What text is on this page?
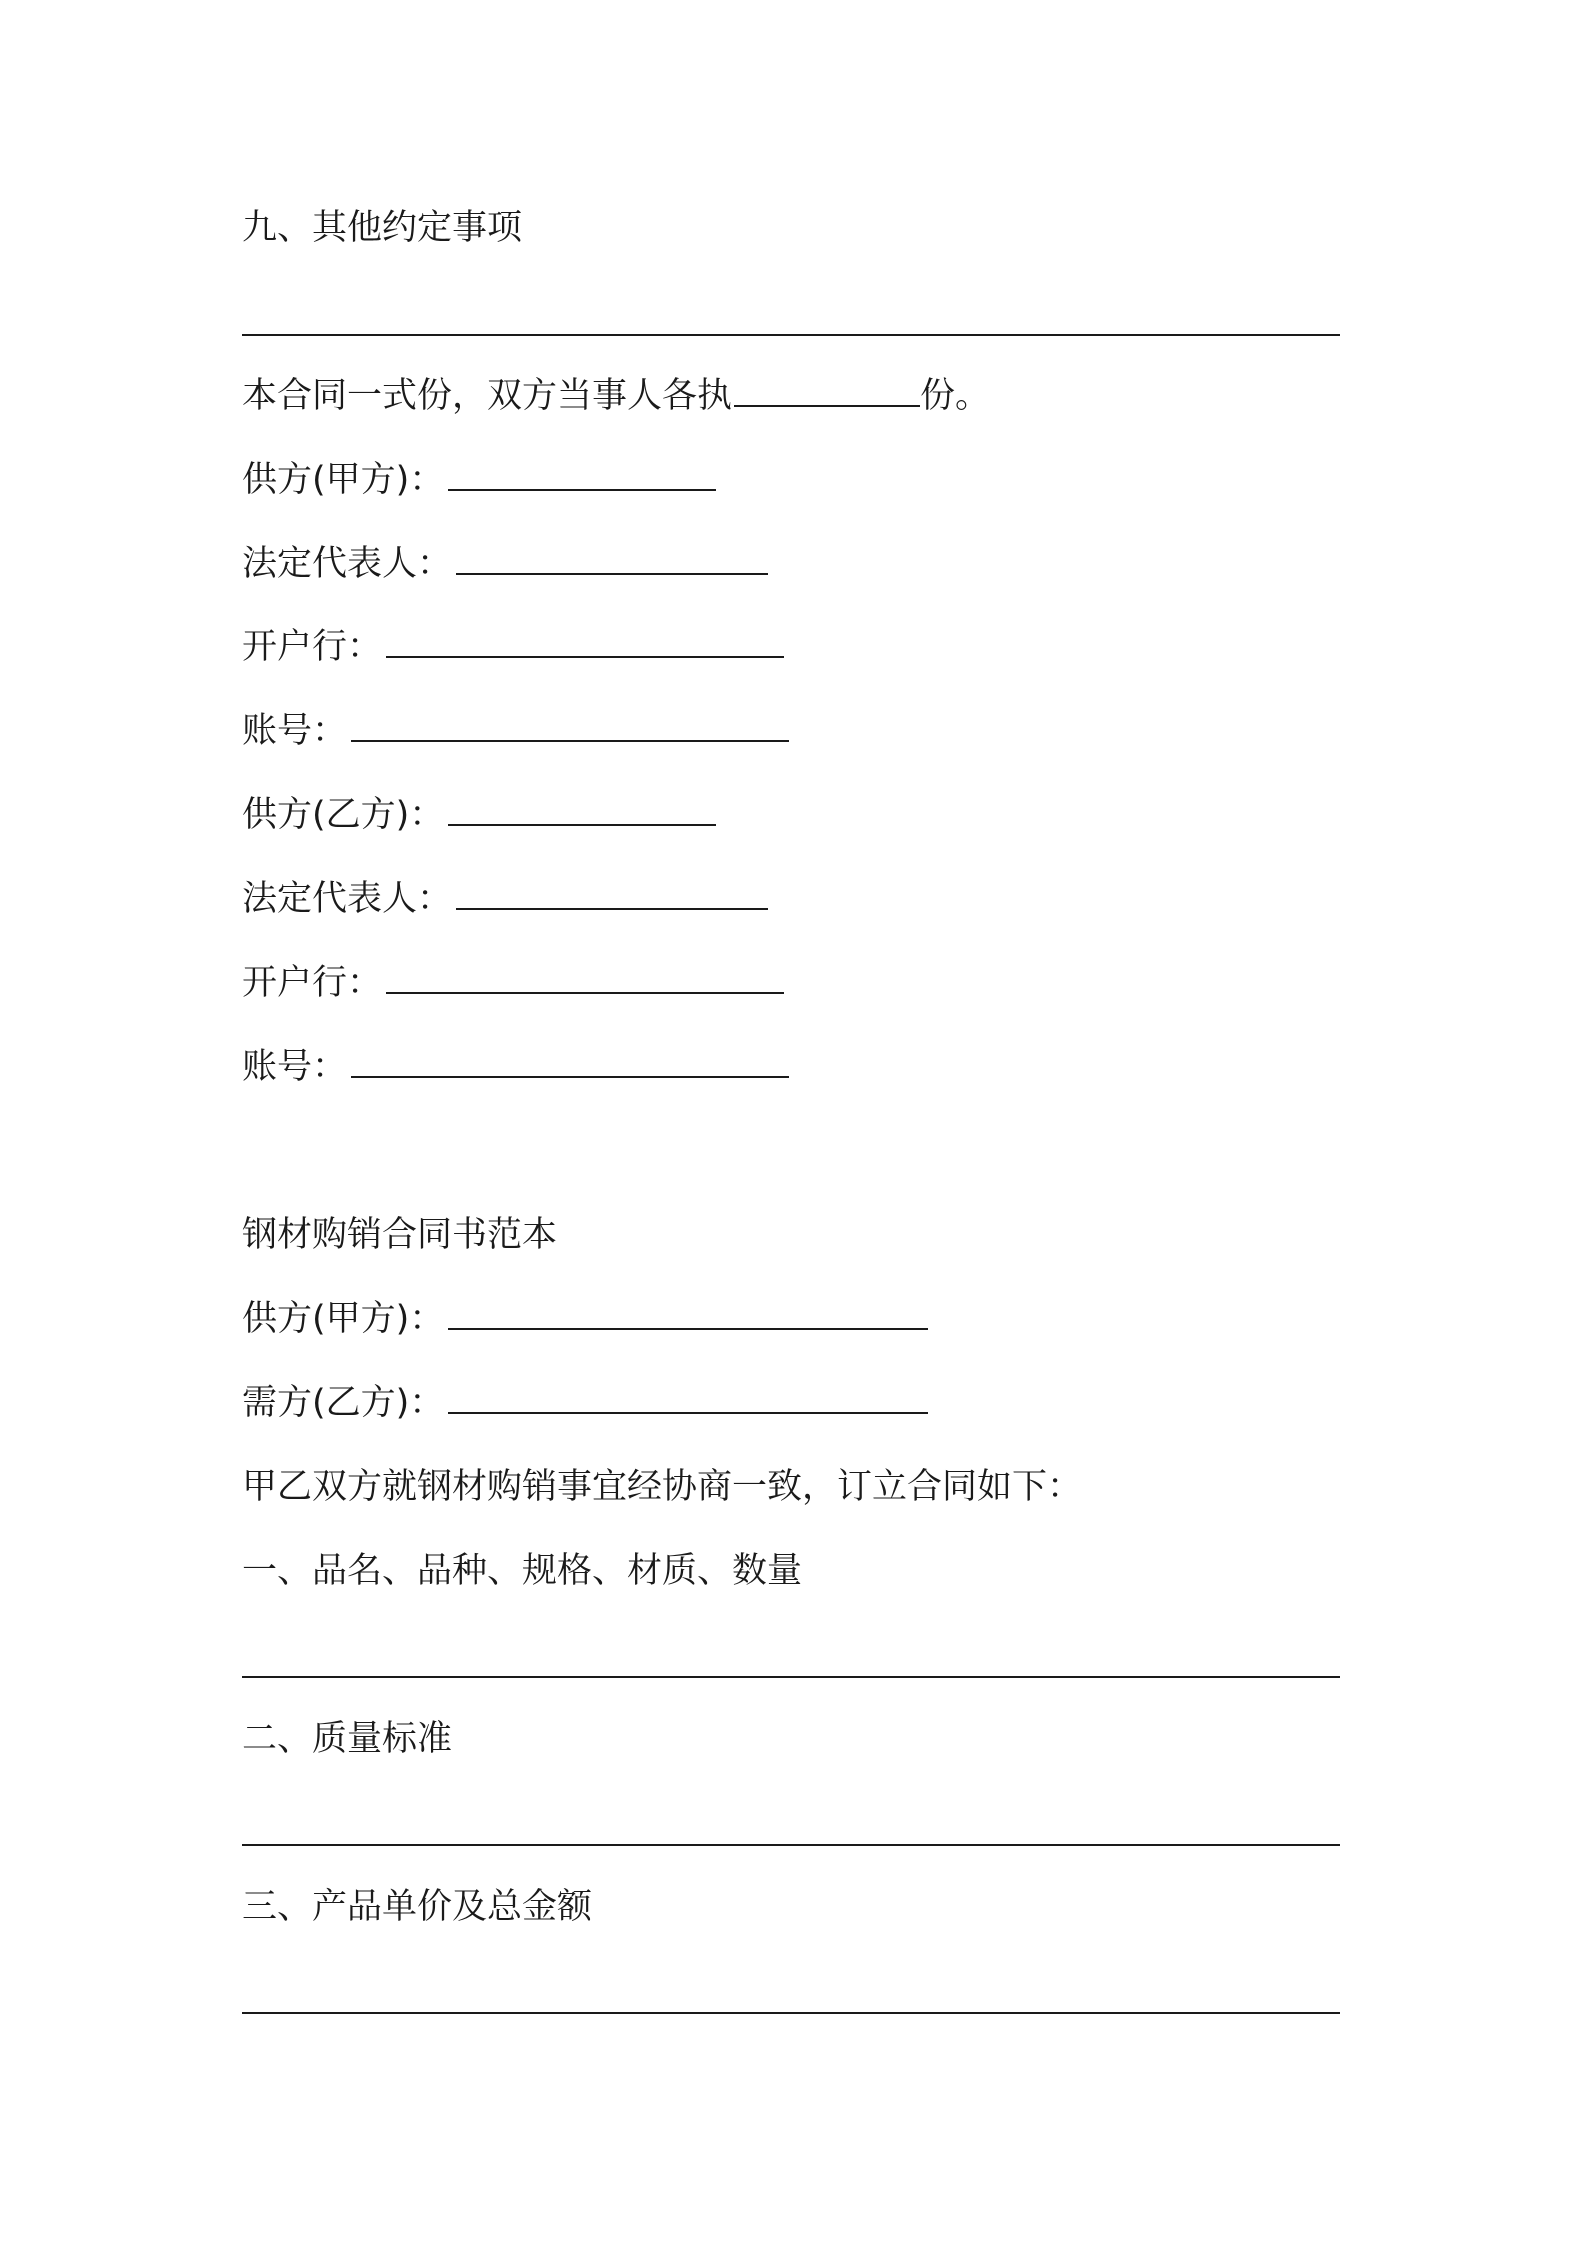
九、其他约定事项
本合同一式份，双方当事人各执	份。
供方(甲方)：
法定代表人：
开户行：
账号：
供方(乙方)：
法定代表人：
开户行：
账号：
钢材购销合同书范本
供方(甲方)：
需方(乙方)：
甲乙双方就钢材购销事宜经协商一致，订立合同如下：
一、品名、品种、规格、材质、数量
二、质量标准
三、产品单价及总金额
